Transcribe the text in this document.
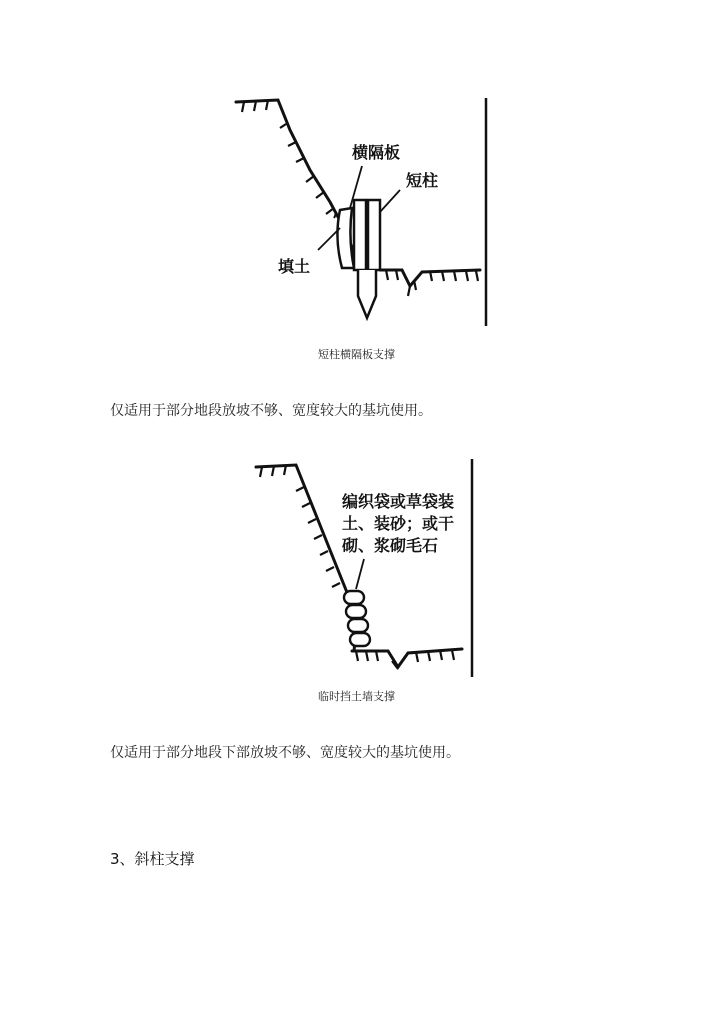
横隔板
短柱
填土
短柱横隔板支撑
仅适用于部分地段放坡不够、宽度较大的基坑使用。
编织袋或草袋装
土、装砂；或干
砌、浆砌毛石
临时挡土墙支撑
仅适用于部分地段下部放坡不够、宽度较大的基坑使用。
3、斜柱支撑
